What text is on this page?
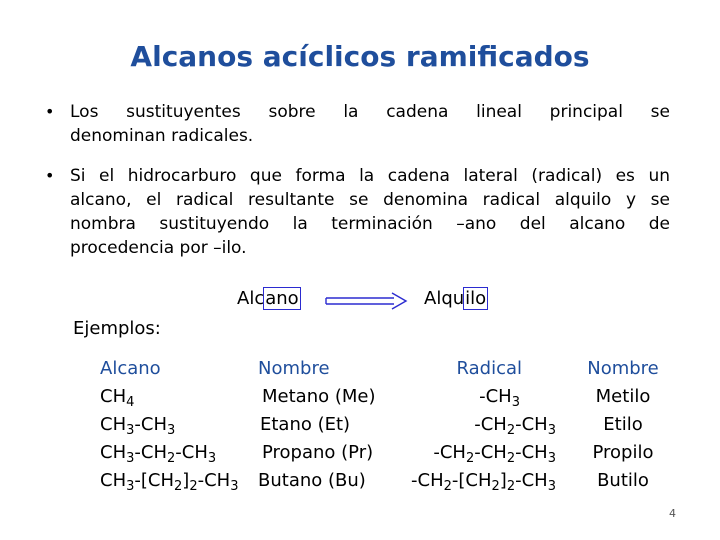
Alcanos acíclicos ramificados
• Los sustituyentes sobre la cadena lineal principal se
denominan radicales.
• Si el hidrocarburo que forma la cadena lateral (radical) es un
alcano, el radical resultante se denomina radical alquilo y se
nombra sustituyendo la terminación –ano del alcano de
procedencia por –ilo.
Alcano	Alquilo
Ejemplos:
Alcano
$CH_4$
$CH_3-CH_3$
$CH_3-CH_2-CH_3$
$CH_3-[CH_2]_2-CH_3$
Nombre
Metano (Me)
Etano (Et)
Propano (Pr)
Butano (Bu)
Radical
$-CH_3$
$-CH_2-CH_3$
$-CH_2-CH_2-CH_3$
$-CH_2-[CH_2]_2-CH_3$
Nombre
Metilo
Etilo
Propilo
Butilo
4
